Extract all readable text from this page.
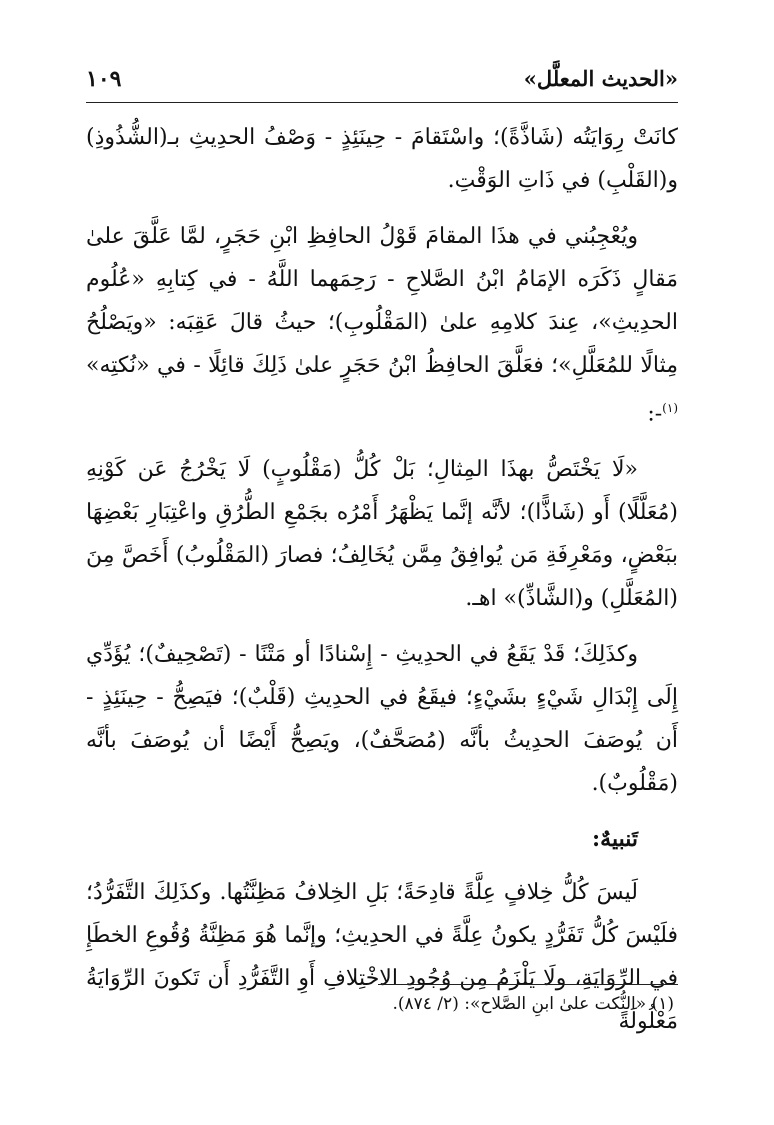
«الحديث المعلَّل»
١٠٩

كانَتْ رِوَايَتُه (شَاذَّةً)؛ واسْتَقامَ - حِينَئِذٍ - وَصْفُ الحدِيثِ بـ(الشُّذُوذِ) و(القَلْبِ) في ذَاتِ الوَقْتِ.

ويُعْجِبُني في هذَا المقامَ قَوْلُ الحافِظِ ابْنِ حَجَرٍ، لمَّا عَلَّقَ علىٰ مَقالٍ ذَكَرَه الإمَامُ ابْنُ الصَّلاحِ - رَحِمَهما اللَّهُ - في كِتابِهِ «عُلُوم الحدِيثِ»، عِندَ كلامِهِ علىٰ (المَقْلُوبِ)؛ حيثُ قالَ عَقِبَه: «ويَصْلُحُ مِثالًا للمُعَلَّلِ»؛ فعَلَّقَ الحافِظُ ابْنُ حَجَرٍ علىٰ ذَلِكَ قائِلًا - في «نُكتِه» $^{(١)}$-:

«لَا يَخْتَصُّ بهذَا المِثالِ؛ بَلْ كُلُّ (مَقْلُوبٍ) لَا يَخْرُجُ عَن كَوْنِهِ (مُعَلَّلًا) أَو (شَاذًّا)؛ لأنَّه إنَّما يَظْهَرُ أَمْرُه بجَمْعِ الطُّرُقِ واعْتِبَارِ بَعْضِهَا ببَعْضٍ، ومَعْرِفَةِ مَن يُوافِقُ مِمَّن يُخَالِفُ؛ فصارَ (المَقْلُوبُ) أَخَصَّ مِنَ (المُعَلَّلِ) و(الشَّاذِّ)» اهـ.

وكذَلِكَ؛ قَدْ يَقَعُ في الحدِيثِ - إِسْنادًا أو مَتْنًا - (تَصْحِيفٌ)؛ يُؤَدِّي إِلَى إِبْدَالِ شَيْءٍ بشَيْءٍ؛ فيقَعُ في الحدِيثِ (قَلْبٌ)؛ فيَصِحُّ - حِينَئِذٍ - أَن يُوصَفَ الحدِيثُ بأنَّه (مُصَحَّفٌ)، ويَصِحُّ أَيْضًا أن يُوصَفَ بأنَّه (مَقْلُوبٌ).

تَنبيهٌ:

لَيسَ كُلُّ خِلافٍ عِلَّةً قادِحَةً؛ بَلِ الخِلافُ مَظِنَّتُها. وكذَلِكَ التَّفَرُّدُ؛ فلَيْسَ كُلُّ تَفَرُّدٍ يكونُ عِلَّةً في الحدِيثِ؛ وإنَّما هُوَ مَظِنَّةُ وُقُوعِ الخطَإِ في الرِّوَايَةِ، ولَا يَلْزَمُ مِن وُجُودِ الاخْتِلافِ أَوِ التَّفَرُّدِ أَن تَكونَ الرِّوَايَةُ مَعْلُولَةً

(١) «النُّكت علىٰ ابنِ الصَّلاح»: (٢/ ٨٧٤).
